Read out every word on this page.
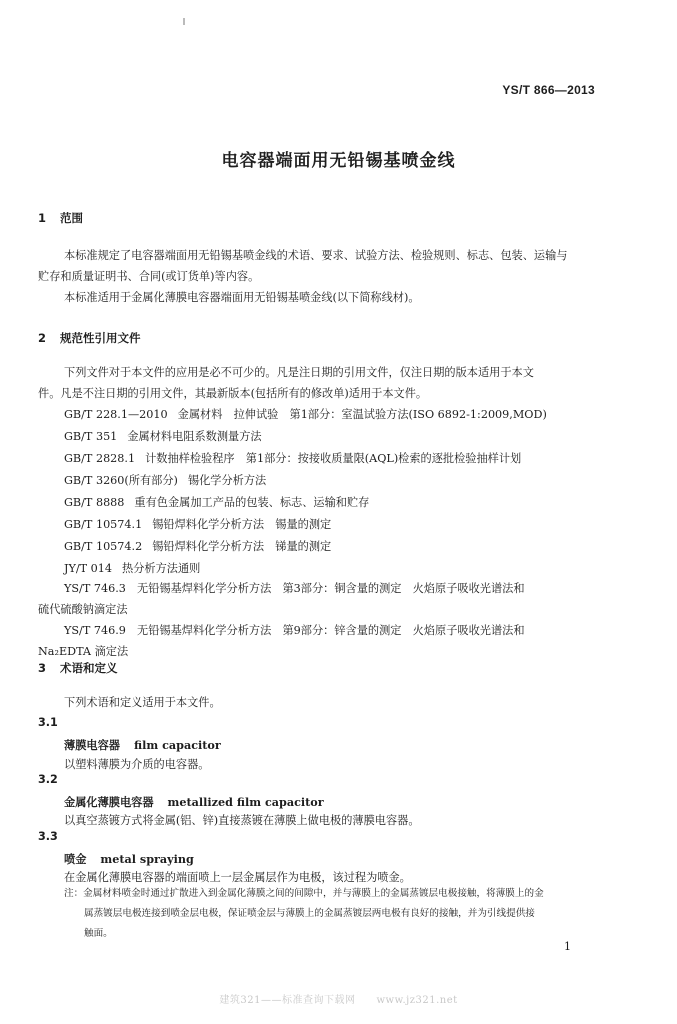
YS/T 866—2013
电容器端面用无铅锡基喷金线
1 范围
本标准规定了电容器端面用无铅锡基喷金线的术语、要求、试验方法、检验规则、标志、包装、运输与
贮存和质量证明书、合同(或订货单)等内容。
本标准适用于金属化薄膜电容器端面用无铅锡基喷金线(以下简称线材)。
2 规范性引用文件
下列文件对于本文件的应用是必不可少的。凡是注日期的引用文件，仅注日期的版本适用于本文
件。凡是不注日期的引用文件，其最新版本(包括所有的修改单)适用于本文件。
GB/T 228.1—2010 金属材料　拉伸试验　第1部分：室温试验方法(ISO 6892-1:2009,MOD)
GB/T 351 金属材料电阻系数测量方法
GB/T 2828.1 计数抽样检验程序　第1部分：按接收质量限(AQL)检索的逐批检验抽样计划
GB/T 3260(所有部分) 锡化学分析方法
GB/T 8888 重有色金属加工产品的包装、标志、运输和贮存
GB/T 10574.1 锡铅焊料化学分析方法　锡量的测定
GB/T 10574.2 锡铅焊料化学分析方法　锑量的测定
JY/T 014 热分析方法通则
YS/T 746.3　无铅锡基焊料化学分析方法　第3部分：铜含量的测定　火焰原子吸收光谱法和
硫代硫酸钠滴定法
YS/T 746.9　无铅锡基焊料化学分析方法　第9部分：锌含量的测定　火焰原子吸收光谱法和
Na₂EDTA 滴定法
3 术语和定义
下列术语和定义适用于本文件。
3.1
薄膜电容器 film capacitor
以塑料薄膜为介质的电容器。
3.2
金属化薄膜电容器 metallized film capacitor
以真空蒸镀方式将金属(铝、锌)直接蒸镀在薄膜上做电极的薄膜电容器。
3.3
喷金 metal spraying
在金属化薄膜电容器的端面喷上一层金属层作为电极，该过程为喷金。
注：金属材料喷金时通过扩散进入到金属化薄膜之间的间隙中，并与薄膜上的金属蒸镀层电极接触，将薄膜上的金
属蒸镀层电极连接到喷金层电极，保证喷金层与薄膜上的金属蒸镀层两电极有良好的接触，并为引线提供接
触面。
1
建筑321——标准查询下载网　　www.jz321.net
